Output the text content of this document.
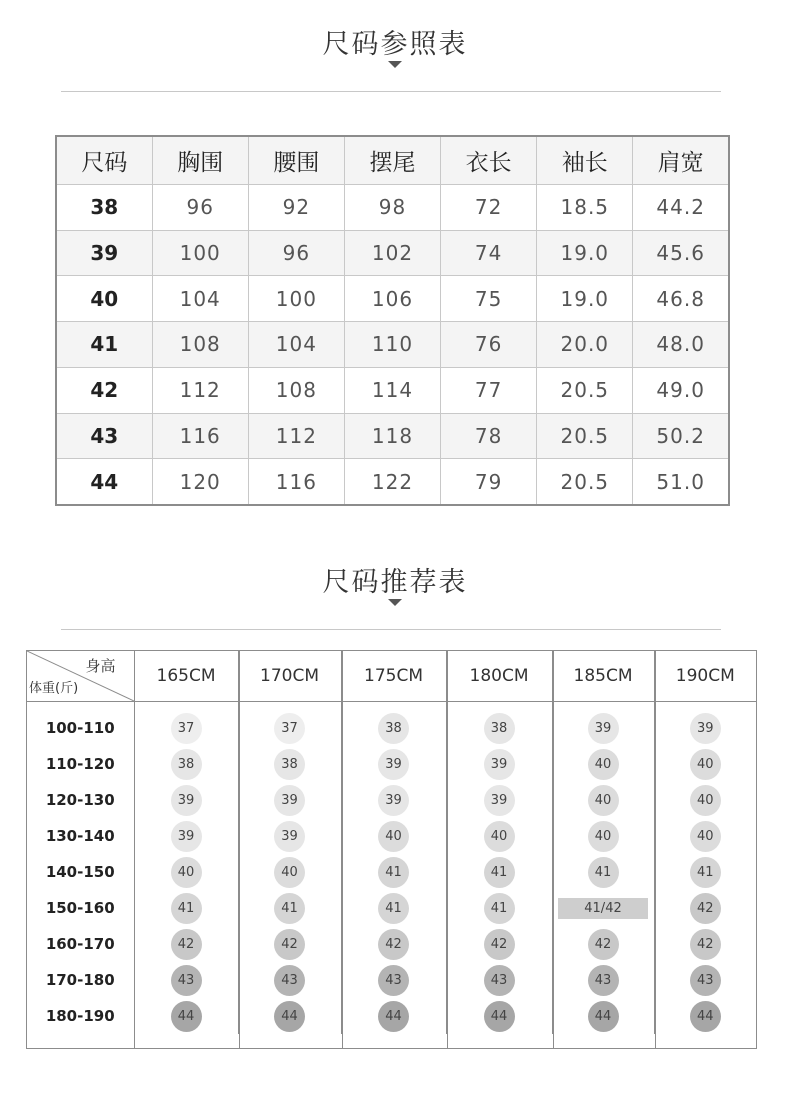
尺码参照表
尺码	胸围	腰围	摆尾	衣长	袖长	肩宽
38	96	92	98	72	18.5	44.2
39	100	96	102	74	19.0	45.6
40	104	100	106	75	19.0	46.8
41	108	104	110	76	20.0	48.0
42	112	108	114	77	20.5	49.0
43	116	112	118	78	20.5	50.2
44	120	116	122	79	20.5	51.0
尺码推荐表
身高
体重(斤)	165CM	170CM	175CM	180CM	185CM	190CM
100-110	37	37	38	38	39	39
110-120	38	38	39	39	40	40
120-130	39	39	39	39	40	40
130-140	39	39	40	40	40	40
140-150	40	40	41	41	41	41
150-160	41	41	41	41	41/42	42
160-170	42	42	42	42	42	42
170-180	43	43	43	43	43	43
180-190	44	44	44	44	44	44
